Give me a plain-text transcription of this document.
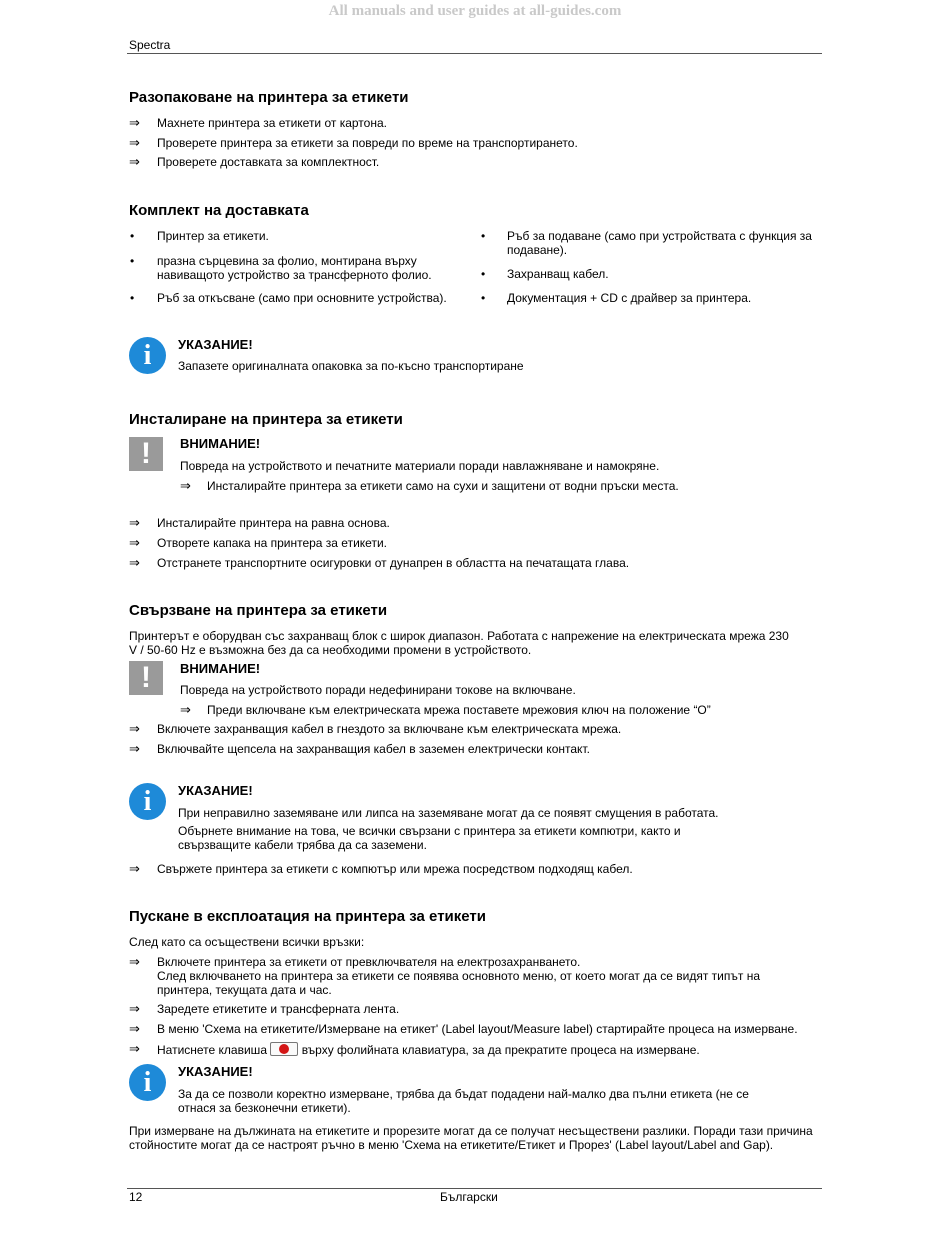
All manuals and user guides at all-guides.com
Spectra
Разопаковане на принтера за етикети
⇒	Махнете принтера за етикети от картона.
⇒	Проверете принтера за етикети за повреди по време на транспортирането.
⇒	Проверете доставката за комплектност.
Комплект на доставката
• Принтер за етикети.
• празна сърцевина за фолио, монтирана върху навиващото устройство за трансферното фолио.
• Ръб за откъсване (само при основните устройства).
• Ръб за подаване (само при устройствата с функция за подаване).
• Захранващ кабел.
• Документация + CD с драйвер за принтера.
i	УКАЗАНИЕ!
Запазете оригиналната опаковка за по-късно транспортиране
Инсталиране на принтера за етикети
!	ВНИМАНИЕ!
Повреда на устройството и печатните материали поради навлажняване и намокряне.
⇒	Инсталирайте принтера за етикети само на сухи и защитени от водни пръски места.
⇒	Инсталирайте принтера на равна основа.
⇒	Отворете капака на принтера за етикети.
⇒	Отстранете транспортните осигуровки от дунапрен в областта на печатащата глава.
Свързване на принтера за етикети
Принтерът е оборудван със захранващ блок с широк диапазон. Работата с напрежение на електрическата мрежа 230 V / 50-60 Hz е възможна без да са необходими промени в устройството.
!	ВНИМАНИЕ!
Повреда на устройството поради недефинирани токове на включване.
⇒	Преди включване към електрическата мрежа поставете мрежовия ключ на положение “O”
⇒	Включете захранващия кабел в гнездото за включване към електрическата мрежа.
⇒	Включвайте щепсела на захранващия кабел в заземен електрически контакт.
i	УКАЗАНИЕ!
При неправилно заземяване или липса на заземяване могат да се появят смущения в работата.
Обърнете внимание на това, че всички свързани с принтера за етикети компютри, както и свързващите кабели трябва да са заземени.
⇒	Свържете принтера за етикети с компютър или мрежа посредством подходящ кабел.
Пускане в експлоатация на принтера за етикети
След като са осъществени всички връзки:
⇒	Включете принтера за етикети от превключвателя на електрозахранването.
След включването на принтера за етикети се появява основното меню, от което могат да се видят типът на принтера, текущата дата и час.
⇒	Заредете етикетите и трансферната лента.
⇒	В меню 'Схема на етикетите/Измерване на етикет' (Label layout/Measure label) стартирайте процеса на измерване.
⇒	Натиснете клавиша	върху фолийната клавиатура, за да прекратите процеса на измерване.
i	УКАЗАНИЕ!
За да се позволи коректно измерване, трябва да бъдат подадени най-малко два пълни етикета (не се отнася за безконечни етикети).
При измерване на дължината на етикетите и прорезите могат да се получат несъществени разлики. Поради тази причина стойностите могат да се настроят ръчно в меню 'Схема на етикетите/Етикет и Прорез' (Label layout/Label and Gap).
12	Български
